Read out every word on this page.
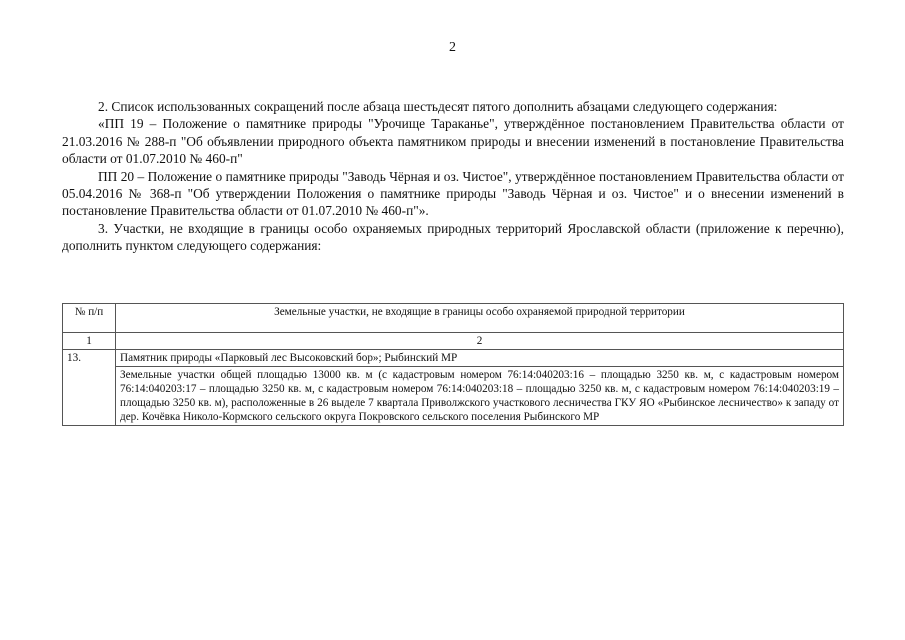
2

2. Список использованных сокращений после абзаца шестьдесят пятого дополнить абзацами следующего содержания:

«ПП 19 – Положение о памятнике природы "Урочище Тараканье", утверждённое постановлением Правительства области от 21.03.2016 № 288-п "Об объявлении природного объекта памятником природы и внесении изменений в постановление Правительства области от 01.07.2010 № 460-п"

ПП 20 – Положение о памятнике природы "Заводь Чёрная и оз. Чистое", утверждённое постановлением Правительства области от 05.04.2016 № 368-п "Об утверждении Положения о памятнике природы "Заводь Чёрная и оз. Чистое" и о внесении изменений в постановление Правительства области от 01.07.2010 № 460-п"».

3. Участки, не входящие в границы особо охраняемых природных территорий Ярославской области (приложение к перечню), дополнить пунктом следующего содержания:

№ п/п	Земельные участки, не входящие в границы особо охраняемой природной территории
1	2
13.	Памятник природы «Парковый лес Высоковский бор»; Рыбинский МР
	Земельные участки общей площадью 13000 кв. м (с кадастровым номером 76:14:040203:16 – площадью 3250 кв. м, с кадастровым номером 76:14:040203:17 – площадью 3250 кв. м, с кадастровым номером 76:14:040203:18 – площадью 3250 кв. м, с кадастровым номером 76:14:040203:19 – площадью 3250 кв. м), расположенные в 26 выделе 7 квартала Приволжского участкового лесничества ГКУ ЯО «Рыбинское лесничество» к западу от дер. Кочёвка Николо-Кормского сельского округа Покровского сельского поселения Рыбинского МР
